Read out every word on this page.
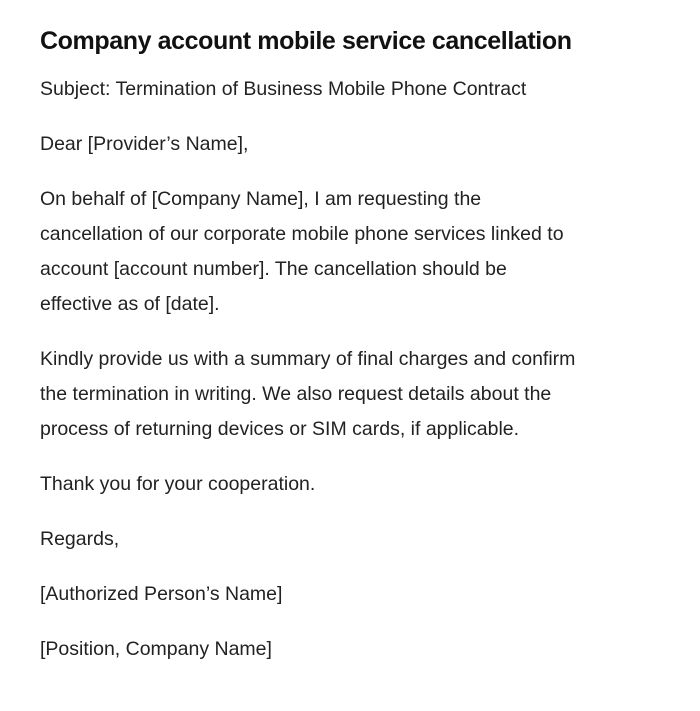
Company account mobile service cancellation

Subject: Termination of Business Mobile Phone Contract

Dear [Provider’s Name],

On behalf of [Company Name], I am requesting the
cancellation of our corporate mobile phone services linked to
account [account number]. The cancellation should be
effective as of [date].

Kindly provide us with a summary of final charges and confirm
the termination in writing. We also request details about the
process of returning devices or SIM cards, if applicable.

Thank you for your cooperation.

Regards,

[Authorized Person’s Name]

[Position, Company Name]
